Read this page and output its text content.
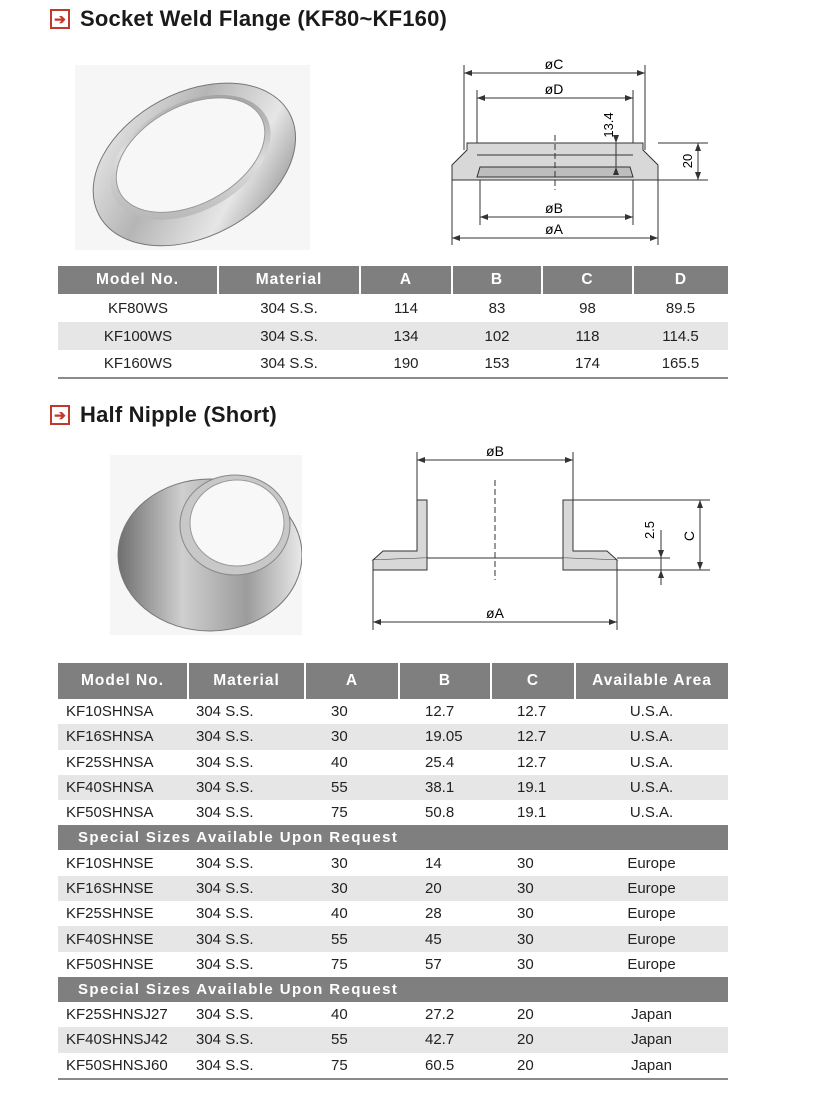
➔ Socket Weld Flange (KF80~KF160)
øC
øD
øB
øA
13.4
20
Model No.	Material	A	B	C	D
KF80WS	304 S.S.	114	83	98	89.5
KF100WS	304 S.S.	134	102	118	114.5
KF160WS	304 S.S.	190	153	174	165.5
➔ Half Nipple (Short)
øB
øA
2.5 C
Model No.	Material	A	B	C	Available Area
KF10SHNSA	304 S.S.	30	12.7	12.7	U.S.A.
KF16SHNSA	304 S.S.	30	19.05	12.7	U.S.A.
KF25SHNSA	304 S.S.	40	25.4	12.7	U.S.A.
KF40SHNSA	304 S.S.	55	38.1	19.1	U.S.A.
KF50SHNSA	304 S.S.	75	50.8	19.1	U.S.A.
Special Sizes Available Upon Request					
KF10SHNSE	304 S.S.	30	14	30	Europe
KF16SHNSE	304 S.S.	30	20	30	Europe
KF25SHNSE	304 S.S.	40	28	30	Europe
KF40SHNSE	304 S.S.	55	45	30	Europe
KF50SHNSE	304 S.S.	75	57	30	Europe
Special Sizes Available Upon Request					
KF25SHNSJ27	304 S.S.	40	27.2	20	Japan
KF40SHNSJ42	304 S.S.	55	42.7	20	Japan
KF50SHNSJ60	304 S.S.	75	60.5	20	Japan
